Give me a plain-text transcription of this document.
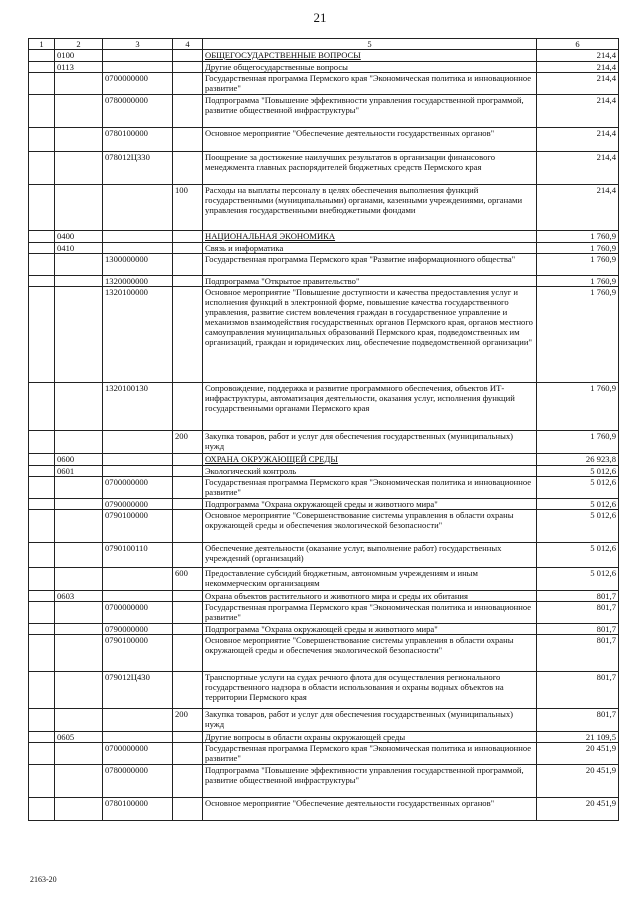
21
1	2	3	4	5	6
	0100			ОБЩЕГОСУДАРСТВЕННЫЕ ВОПРОСЫ	214,4
	0113			Другие общегосударственные вопросы	214,4
		0700000000		Государственная программа Пермского края "Экономическая политика и инновационное развитие"	214,4
		0780000000		Подпрограмма "Повышение эффективности управления государственной программой, развитие общественной инфраструктуры"	214,4
		0780100000		Основное мероприятие "Обеспечение деятельности государственных органов"	214,4
		078012Ц330		Поощрение за достижение наилучших результатов в организации финансового менеджмента главных распорядителей бюджетных средств Пермского края	214,4
			100	Расходы на выплаты персоналу в целях обеспечения выполнения функций государственными (муниципальными) органами, казенными учреждениями, органами управления государственными внебюджетными фондами	214,4
	0400			НАЦИОНАЛЬНАЯ ЭКОНОМИКА	1 760,9
	0410			Связь и информатика	1 760,9
		1300000000		Государственная программа Пермского края "Развитие информационного общества"	1 760,9
		1320000000		Подпрограмма "Открытое правительство"	1 760,9
		1320100000		Основное мероприятие "Повышение доступности и качества предоставления услуг и исполнения функций в электронной форме, повышение качества государственного управления, развитие систем вовлечения граждан в государственное управление и механизмов взаимодействия государственных органов Пермского края, органов местного самоуправления муниципальных образований Пермского края, подведомственных им организаций, граждан и юридических лиц, обеспечение подведомственной организации"	1 760,9
		1320100130		Сопровождение, поддержка и развитие программного обеспечения, объектов ИТ-инфраструктуры, автоматизация деятельности, оказания услуг, исполнения функций государственными органами Пермского края	1 760,9
			200	Закупка товаров, работ и услуг для обеспечения государственных (муниципальных) нужд	1 760,9
	0600			ОХРАНА ОКРУЖАЮЩЕЙ СРЕДЫ	26 923,8
	0601			Экологический контроль	5 012,6
		0700000000		Государственная программа Пермского края "Экономическая политика и инновационное развитие"	5 012,6
		0790000000		Подпрограмма "Охрана окружающей среды и животного мира"	5 012,6
		0790100000		Основное мероприятие "Совершенствование системы управления в области охраны окружающей среды и обеспечения экологической безопасности"	5 012,6
		0790100110		Обеспечение деятельности (оказание услуг, выполнение работ) государственных учреждений (организаций)	5 012,6
			600	Предоставление субсидий бюджетным, автономным учреждениям и иным некоммерческим организациям	5 012,6
	0603			Охрана объектов растительного и животного мира и среды их обитания	801,7
		0700000000		Государственная программа Пермского края "Экономическая политика и инновационное развитие"	801,7
		0790000000		Подпрограмма "Охрана окружающей среды и животного мира"	801,7
		0790100000		Основное мероприятие "Совершенствование системы управления в области охраны окружающей среды и обеспечения экологической безопасности"	801,7
		079012Ц430		Транспортные услуги на судах речного флота для осуществления регионального государственного надзора в области использования и охраны водных объектов на территории Пермского края	801,7
			200	Закупка товаров, работ и услуг для обеспечения государственных (муниципальных) нужд	801,7
	0605			Другие вопросы в области охраны окружающей среды	21 109,5
		0700000000		Государственная программа Пермского края "Экономическая политика и инновационное развитие"	20 451,9
		0780000000		Подпрограмма "Повышение эффективности управления государственной программой, развитие общественной инфраструктуры"	20 451,9
		0780100000		Основное мероприятие "Обеспечение деятельности государственных органов"	20 451,9
2163-20
